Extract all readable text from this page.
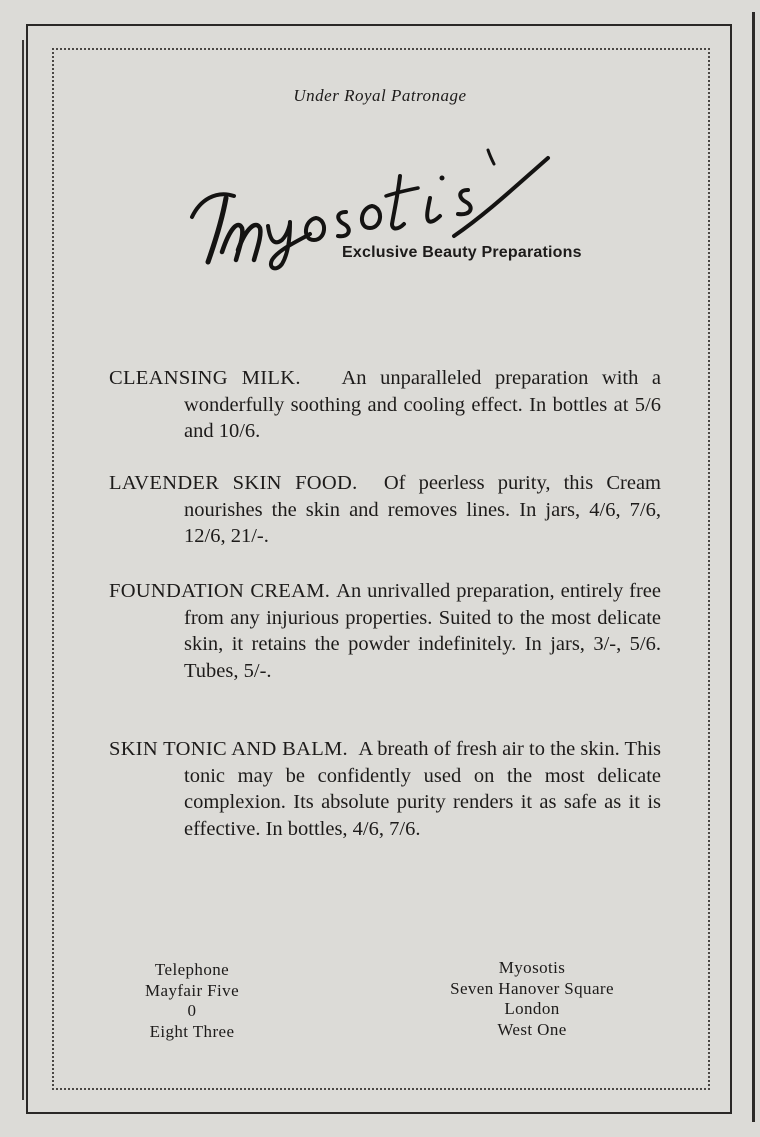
Under Royal Patronage
Exclusive Beauty Preparations

CLEANSING MILK. An unparalleled preparation with a wonderfully soothing and cooling effect. In bottles at 5/6 and 10/6.

LAVENDER SKIN FOOD. Of peerless purity, this Cream nourishes the skin and removes lines. In jars, 4/6, 7/6, 12/6, 21/-.

FOUNDATION CREAM. An unrivalled preparation, entirely free from any injurious properties. Suited to the most delicate skin, it retains the powder indefinitely. In jars, 3/-, 5/6. Tubes, 5/-.

SKIN TONIC AND BALM. A breath of fresh air to the skin. This tonic may be confidently used on the most delicate complexion. Its absolute purity renders it as safe as it is effective. In bottles, 4/6, 7/6.

Telephone
Mayfair Five
0
Eight Three
Myosotis
Seven Hanover Square
London
West One
